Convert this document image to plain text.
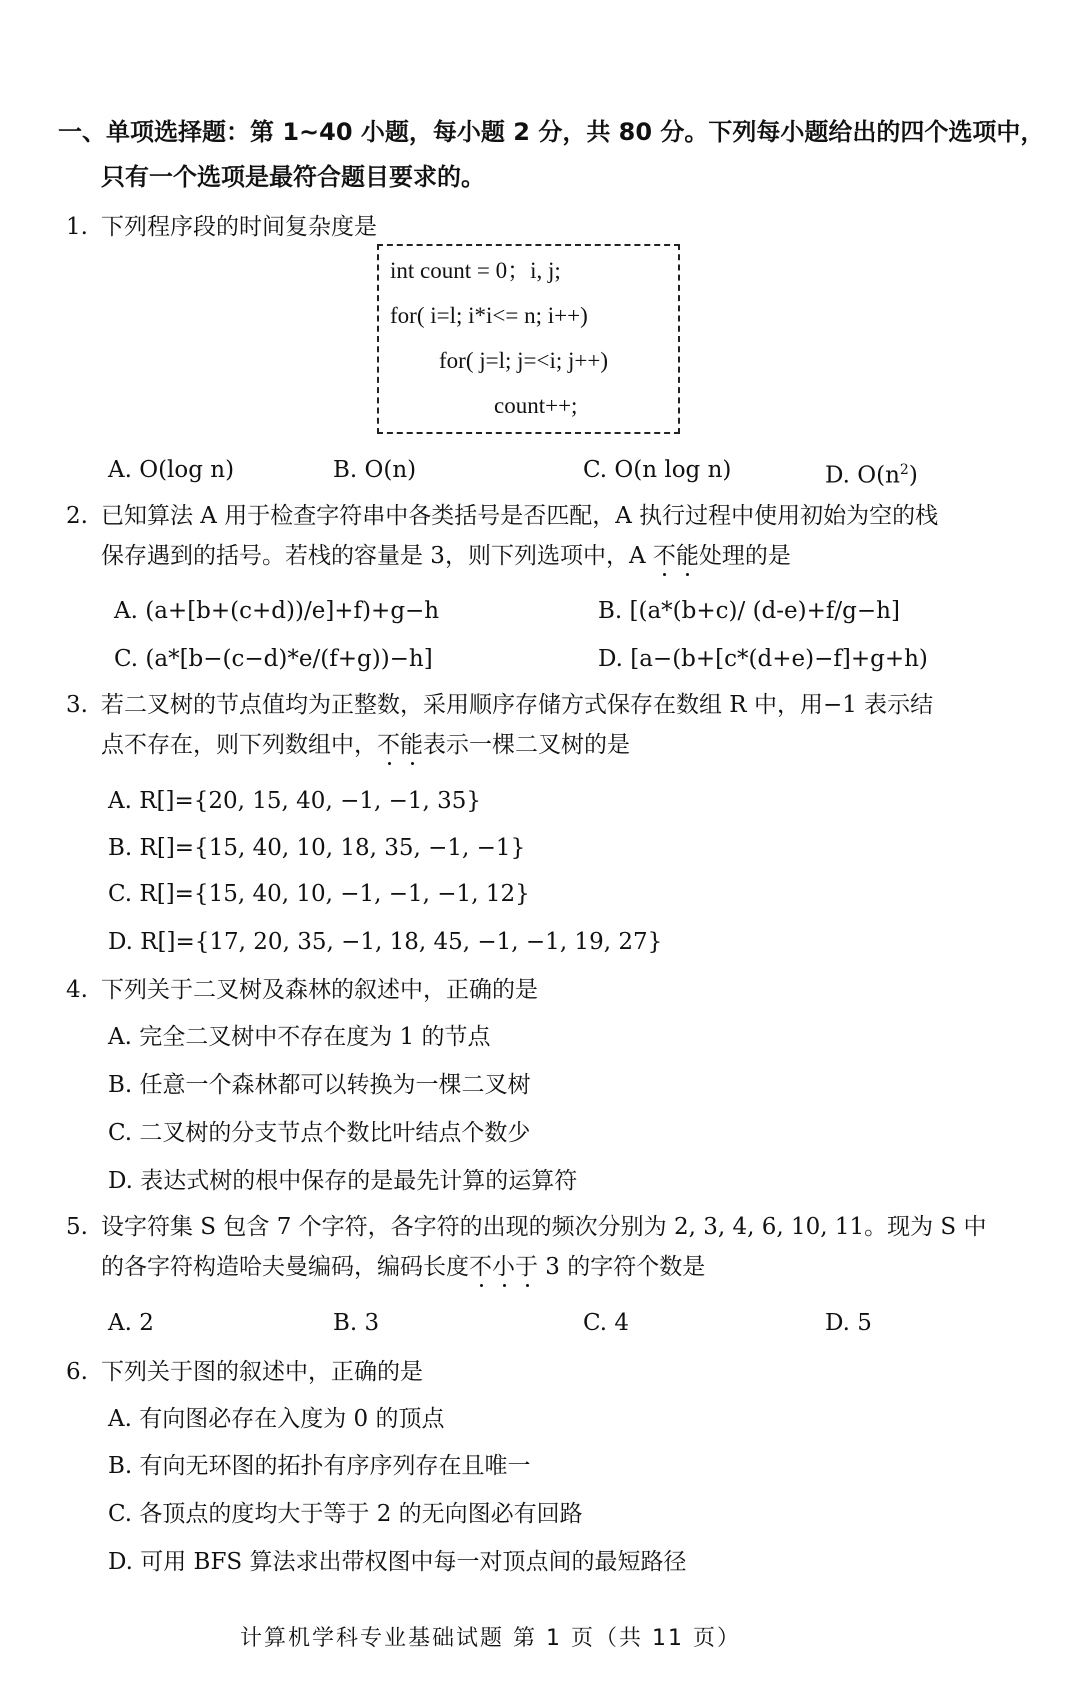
一、单项选择题：第 1~40 小题，每小题 2 分，共 80 分。下列每小题给出的四个选项中，
只有一个选项是最符合题目要求的。
1. 下列程序段的时间复杂度是
int count = 0；i, j;
for( i=l; i*i<= n; i++)
for( j=l; j=<i; j++)
count++;
A. O(log n)	B. O(n)	C. O(n log n)	D. $O(n^2)$
2. 已知算法 A 用于检查字符串中各类括号是否匹配，A 执行过程中使用初始为空的栈
保存遇到的括号。若栈的容量是 3，则下列选项中，A 不能处理的是
A. (a+[b+(c+d))/e]+f)+g−h	B. [(a*(b+c)/ (d-e)+f/g−h]
C. (a*[b−(c−d)*e/(f+g))−h]	D. [a−(b+[c*(d+e)−f]+g+h)
3. 若二叉树的节点值均为正整数，采用顺序存储方式保存在数组 R 中，用−1 表示结
点不存在，则下列数组中，不能表示一棵二叉树的是
A. R[]={20, 15, 40, −1, −1, 35}
B. R[]={15, 40, 10, 18, 35, −1, −1}
C. R[]={15, 40, 10, −1, −1, −1, 12}
D. R[]={17, 20, 35, −1, 18, 45, −1, −1, 19, 27}
4. 下列关于二叉树及森林的叙述中，正确的是
A. 完全二叉树中不存在度为 1 的节点
B. 任意一个森林都可以转换为一棵二叉树
C. 二叉树的分支节点个数比叶结点个数少
D. 表达式树的根中保存的是最先计算的运算符
5. 设字符集 S 包含 7 个字符，各字符的出现的频次分别为 2, 3, 4, 6, 10, 11。现为 S 中
的各字符构造哈夫曼编码，编码长度不小于 3 的字符个数是
A. 2	B. 3	C. 4	D. 5
6. 下列关于图的叙述中，正确的是
A. 有向图必存在入度为 0 的顶点
B. 有向无环图的拓扑有序序列存在且唯一
C. 各顶点的度均大于等于 2 的无向图必有回路
D. 可用 BFS 算法求出带权图中每一对顶点间的最短路径
计算机学科专业基础试题 第 1 页（共 11 页）
